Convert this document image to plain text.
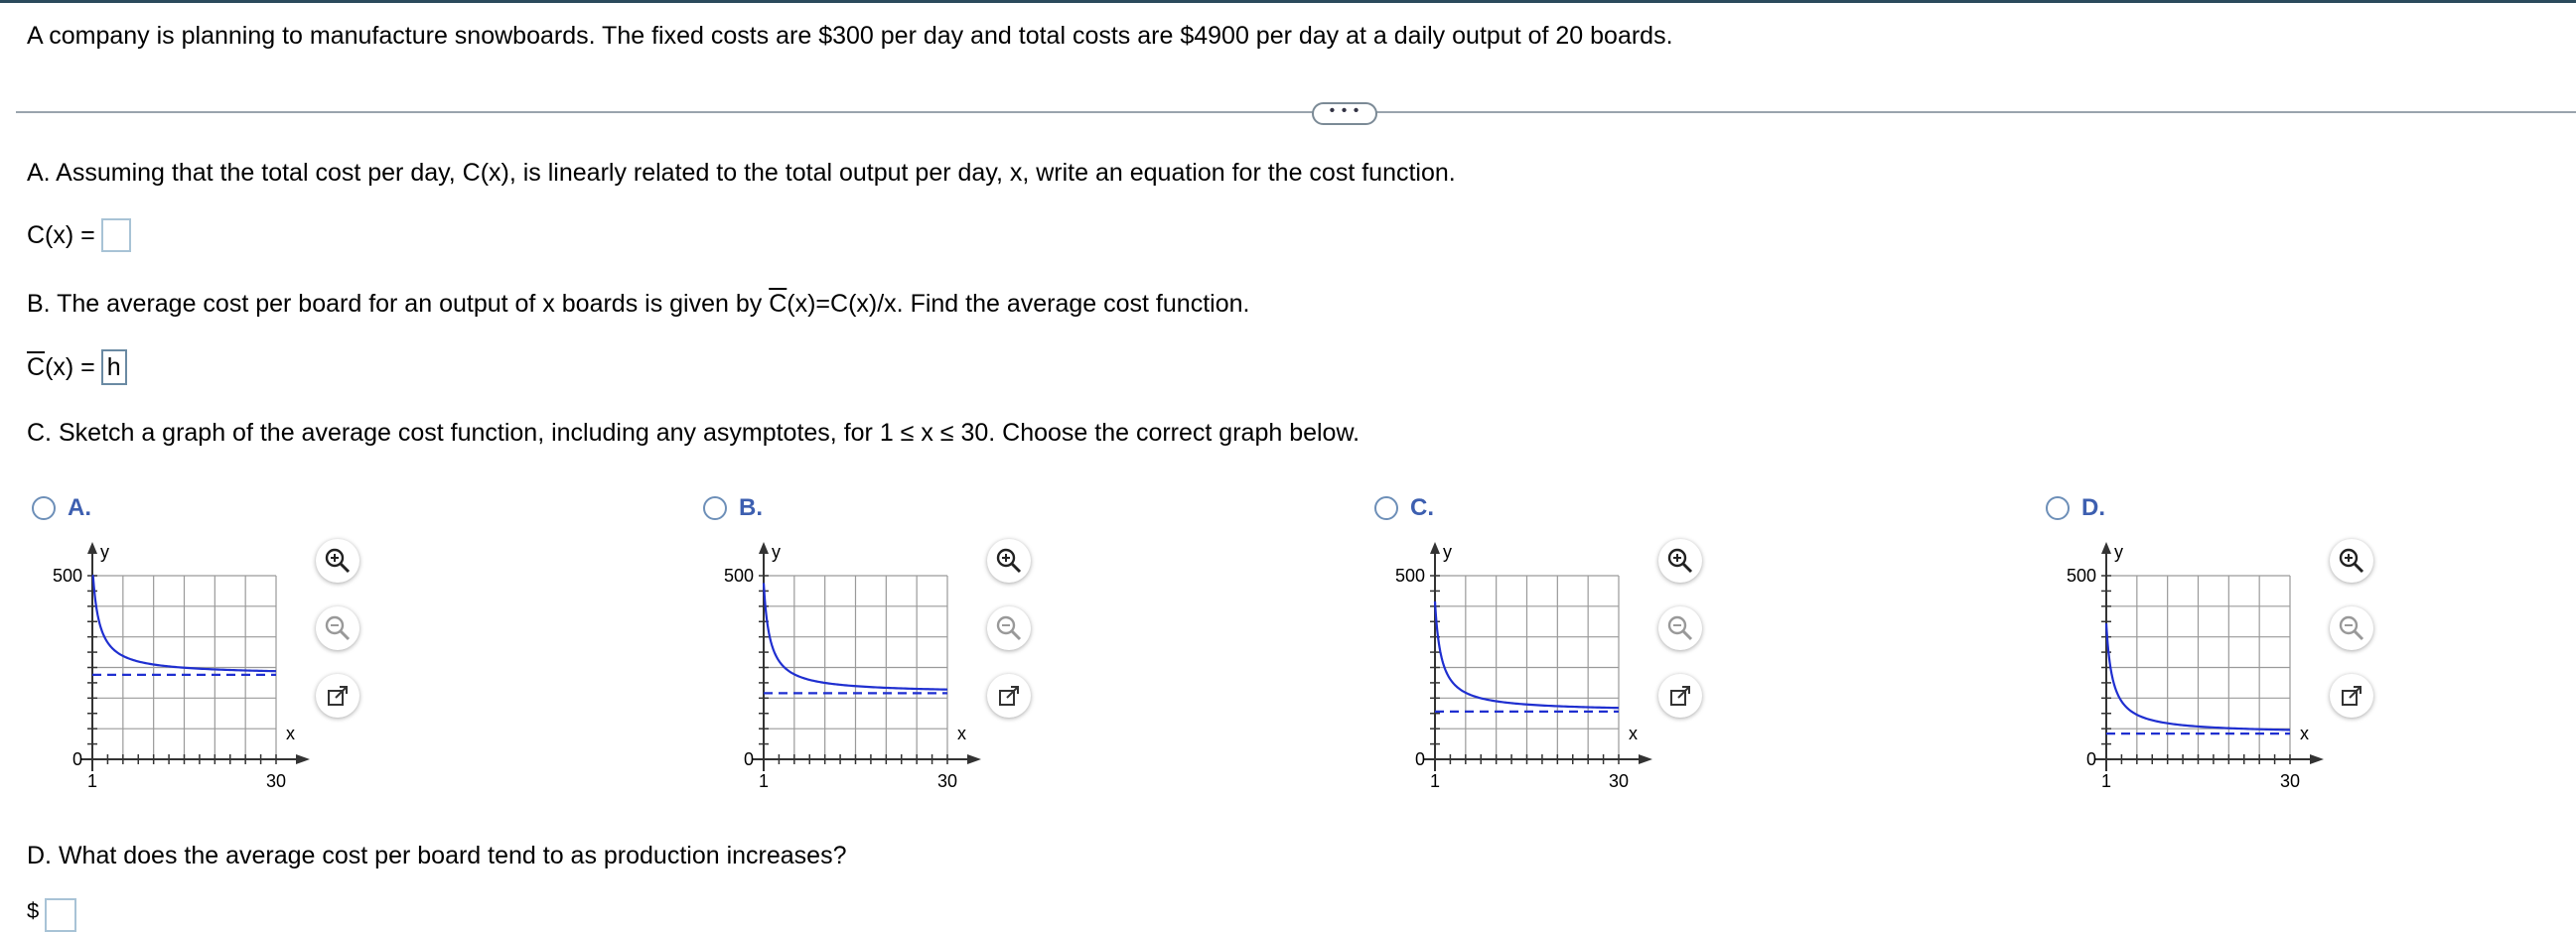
A company is planning to manufacture snowboards. The fixed costs are $300 per day and total costs are $4900 per day at a daily output of 20 boards.
• • •
A. Assuming that the total cost per day, C(x), is linearly related to the total output per day, x, write an equation for the cost function.
C(x) =
B. The average cost per board for an output of x boards is given by $\overline{C}(x)=C(x)/x$. Find the average cost function.
$\overline{C}$ (x) = h
C. Sketch a graph of the average cost function, including any asymptotes, for 1 ≤ x ≤ 30. Choose the correct graph below.
A.	B.	C.	D.
y
x
500
0
1	30
y
x
500
0
1	30
y
x
500
0
1	30
y
x
500
0
1	30
D. What does the average cost per board tend to as production increases?
$
